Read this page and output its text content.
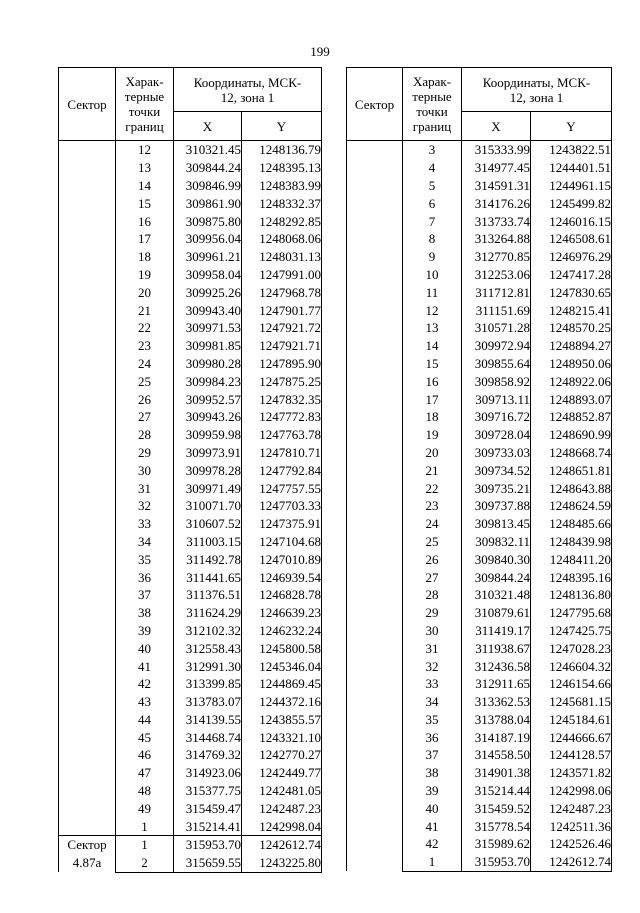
199
Сектор	Харак-
терные
точки
границ	Координаты, МСК-
12, зона 1	
		X	Y
	12	310321.45	1248136.79
	13	309844.24	1248395.13
	14	309846.99	1248383.99
	15	309861.90	1248332.37
	16	309875.80	1248292.85
	17	309956.04	1248068.06
	18	309961.21	1248031.13
	19	309958.04	1247991.00
	20	309925.26	1247968.78
	21	309943.40	1247901.77
	22	309971.53	1247921.72
	23	309981.85	1247921.71
	24	309980.28	1247895.90
	25	309984.23	1247875.25
	26	309952.57	1247832.35
	27	309943.26	1247772.83
	28	309959.98	1247763.78
	29	309973.91	1247810.71
	30	309978.28	1247792.84
	31	309971.49	1247757.55
	32	310071.70	1247703.33
	33	310607.52	1247375.91
	34	311003.15	1247104.68
	35	311492.78	1247010.89
	36	311441.65	1246939.54
	37	311376.51	1246828.78
	38	311624.29	1246639.23
	39	312102.32	1246232.24
	40	312558.43	1245800.58
	41	312991.30	1245346.04
	42	313399.85	1244869.45
	43	313783.07	1244372.16
	44	314139.55	1243855.57
	45	314468.74	1243321.10
	46	314769.32	1242770.27
	47	314923.06	1242449.77
	48	315377.75	1242481.05
	49	315459.47	1242487.23
	1	315214.41	1242998.04
Сектор
4.87а	1	315953.70	1242612.74
	2	315659.55	1243225.80
Сектор	Харак-
терные
точки
границ	Координаты, МСК-
12, зона 1	
		X	Y
	3	315333.99	1243822.51
	4	314977.45	1244401.51
	5	314591.31	1244961.15
	6	314176.26	1245499.82
	7	313733.74	1246016.15
	8	313264.88	1246508.61
	9	312770.85	1246976.29
	10	312253.06	1247417.28
	11	311712.81	1247830.65
	12	311151.69	1248215.41
	13	310571.28	1248570.25
	14	309972.94	1248894.27
	15	309855.64	1248950.06
	16	309858.92	1248922.06
	17	309713.11	1248893.07
	18	309716.72	1248852.87
	19	309728.04	1248690.99
	20	309733.03	1248668.74
	21	309734.52	1248651.81
	22	309735.21	1248643.88
	23	309737.88	1248624.59
	24	309813.45	1248485.66
	25	309832.11	1248439.98
	26	309840.30	1248411.20
	27	309844.24	1248395.16
	28	310321.48	1248136.80
	29	310879.61	1247795.68
	30	311419.17	1247425.75
	31	311938.67	1247028.23
	32	312436.58	1246604.32
	33	312911.65	1246154.66
	34	313362.53	1245681.15
	35	313788.04	1245184.61
	36	314187.19	1244666.67
	37	314558.50	1244128.57
	38	314901.38	1243571.82
	39	315214.44	1242998.06
	40	315459.52	1242487.23
	41	315778.54	1242511.36
	42	315989.62	1242526.46
	1	315953.70	1242612.74
